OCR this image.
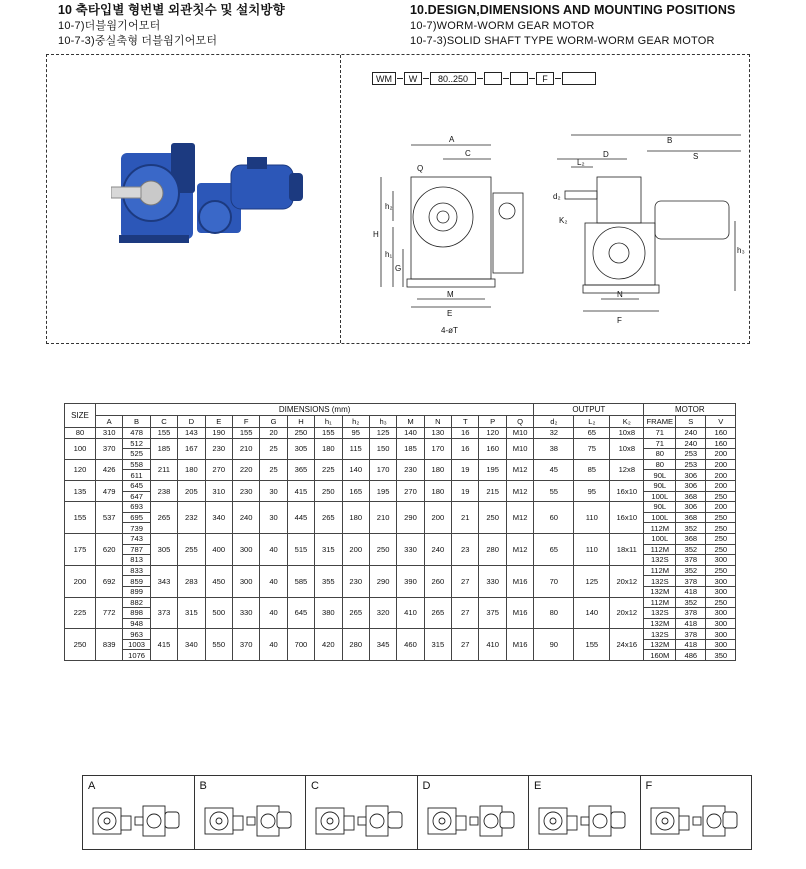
10 축타입별 형번별 외관칫수 및 설치방향

10-7)더블웜기어모터

10-7-3)중실축형 더블웜기어모터

10.DESIGN,DIMENSIONS AND MOUNTING POSITIONS

10-7)WORM-WORM GEAR MOTOR

10-7-3)SOLID SHAFT TYPE WORM-WORM GEAR MOTOR

A
C
Q
H
h₂
h₁
G
M
E
4-øT
B
S
D
L₂
d₂
K₂
h₃
N
F
WM	W	80..250	F
SIZE	DIMENSIONS (mm)																OUTPUT			MOTOR		
	A	B	C	D	E	F	G	H	h₁	h₂	h₃	M	N	T	P	Q	d₂	L₂	K₂	FRAME	S	V
80	310	478	155	143	190	155	20	250	155	95	125	140	130	16	120	M10	32	65	10x8	71	240	160

100	370	512	185	167	230	210	25	305	180	115	150	185	170	16	160	M10	38	75	10x8	71	240	160

		525																		80	253	200

120	426	558	211	180	270	220	25	365	225	140	170	230	180	19	195	M12	45	85	12x8	80	253	200

		611																		90L	306	200

135	479	645	238	205	310	230	30	415	250	165	195	270	180	19	215	M12	55	95	16x10	90L	306	200

		647																		100L	368	250

155	537	693	265	232	340	240	30	445	265	180	210	290	200	21	250	M12	60	110	16x10	90L	306	200

		695																		100L	368	250

		739																		112M	352	250

175	620	743	305	255	400	300	40	515	315	200	250	330	240	23	280	M12	65	110	18x11	100L	368	250

		787																		112M	352	250

		813																		132S	378	300

200	692	833	343	283	450	300	40	585	355	230	290	390	260	27	330	M16	70	125	20x12	112M	352	250

		859																		132S	378	300

		899																		132M	418	300

225	772	882	373	315	500	330	40	645	380	265	320	410	265	27	375	M16	80	140	20x12	112M	352	250

		898																		132S	378	300

		948																		132M	418	300

250	839	963	415	340	550	370	40	700	420	280	345	460	315	27	410	M16	90	155	24x16	132S	378	300

		1003																		132M	418	300

		1076																		160M	486	350

A	B	C	D	E	F
